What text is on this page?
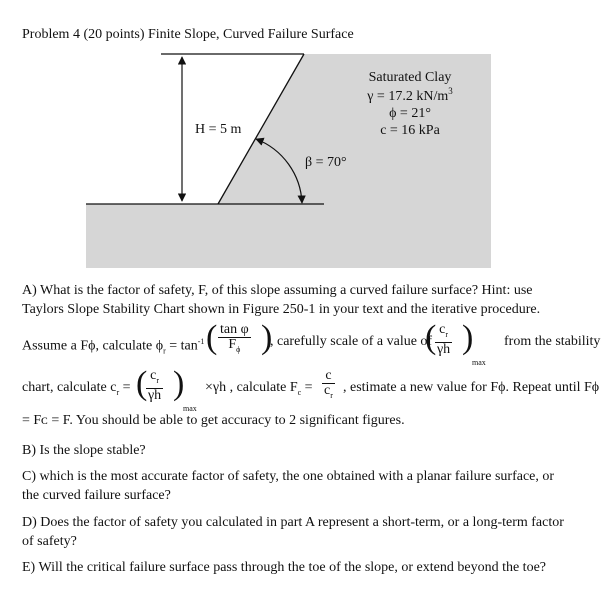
Problem 4 (20 points) Finite Slope, Curved Failure Surface
Saturated Clay
γ = 17.2 $kN/m^3$
ϕ = 21°
c = 16 kPa
H = 5 m
β = 70°
A) What is the factor of safety, F, of this slope assuming a curved failure surface? Hint: use
Taylors Slope Stability Chart shown in Figure 250-1 in your text and the iterative procedure.
Assume a Fϕ, calculate $\phi_r = \tan^{-1}$ ( $\frac{\text{tan φ}}{F_\phi}$ )
, carefully scale of a value of
(
$\frac{c_r}{\gamma h}$ )
max
from the stability
chart, calculate $c_r$ = (
$\frac{c_r}{\gamma h}$ )
max
×γh , calculate $F_c = \frac{c}{c_r}$ , estimate a new value for Fϕ. Repeat until Fϕ
= Fᴄ = F. You should be able to get accuracy to 2 significant figures.
B) Is the slope stable?
C) which is the most accurate factor of safety, the one obtained with a planar failure surface, or
the curved failure surface?
D) Does the factor of safety you calculated in part A represent a short-term, or a long-term factor
of safety?
E) Will the critical failure surface pass through the toe of the slope, or extend beyond the toe?
